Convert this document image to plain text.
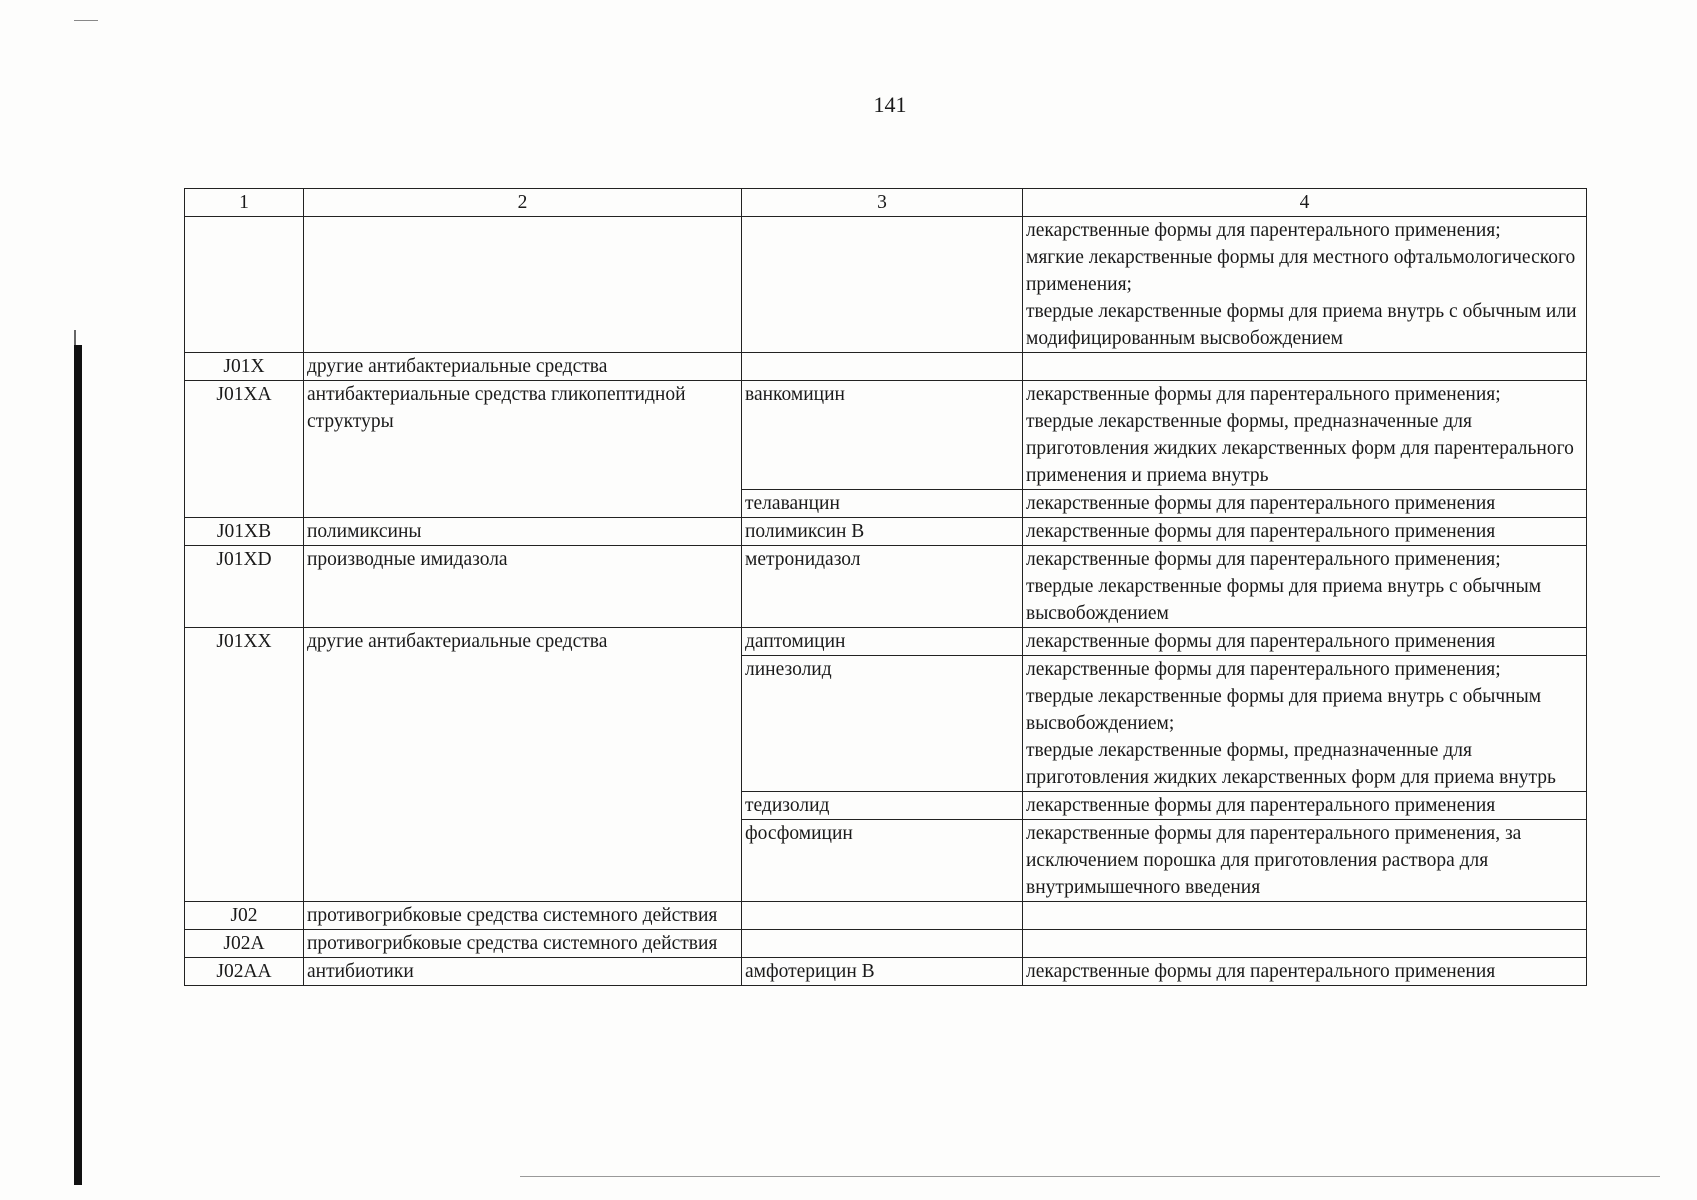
141
1	2	3	4
			лекарственные формы для парентерального применения;
мягкие лекарственные формы для местного офтальмологического применения;
твердые лекарственные формы для приема внутрь с обычным или модифицированным высвобождением
J01X	другие антибактериальные средства		
J01XA	антибактериальные средства гликопептидной структуры	ванкомицин	лекарственные формы для парентерального применения;
твердые лекарственные формы, предназначенные для приготовления жидких лекарственных форм для парентерального применения и приема внутрь
		телаванцин	лекарственные формы для парентерального применения
J01XB	полимиксины	полимиксин В	лекарственные формы для парентерального применения
J01XD	производные имидазола	метронидазол	лекарственные формы для парентерального применения;
твердые лекарственные формы для приема внутрь с обычным высвобождением
J01XX	другие антибактериальные средства	даптомицин	лекарственные формы для парентерального применения
		линезолид	лекарственные формы для парентерального применения;
твердые лекарственные формы для приема внутрь с обычным высвобождением;
твердые лекарственные формы, предназначенные для приготовления жидких лекарственных форм для приема внутрь
		тедизолид	лекарственные формы для парентерального применения
		фосфомицин	лекарственные формы для парентерального применения, за исключением порошка для приготовления раствора для внутримышечного введения
J02	противогрибковые средства системного действия		
J02A	противогрибковые средства системного действия		
J02AA	антибиотики	амфотерицин В	лекарственные формы для парентерального применения
